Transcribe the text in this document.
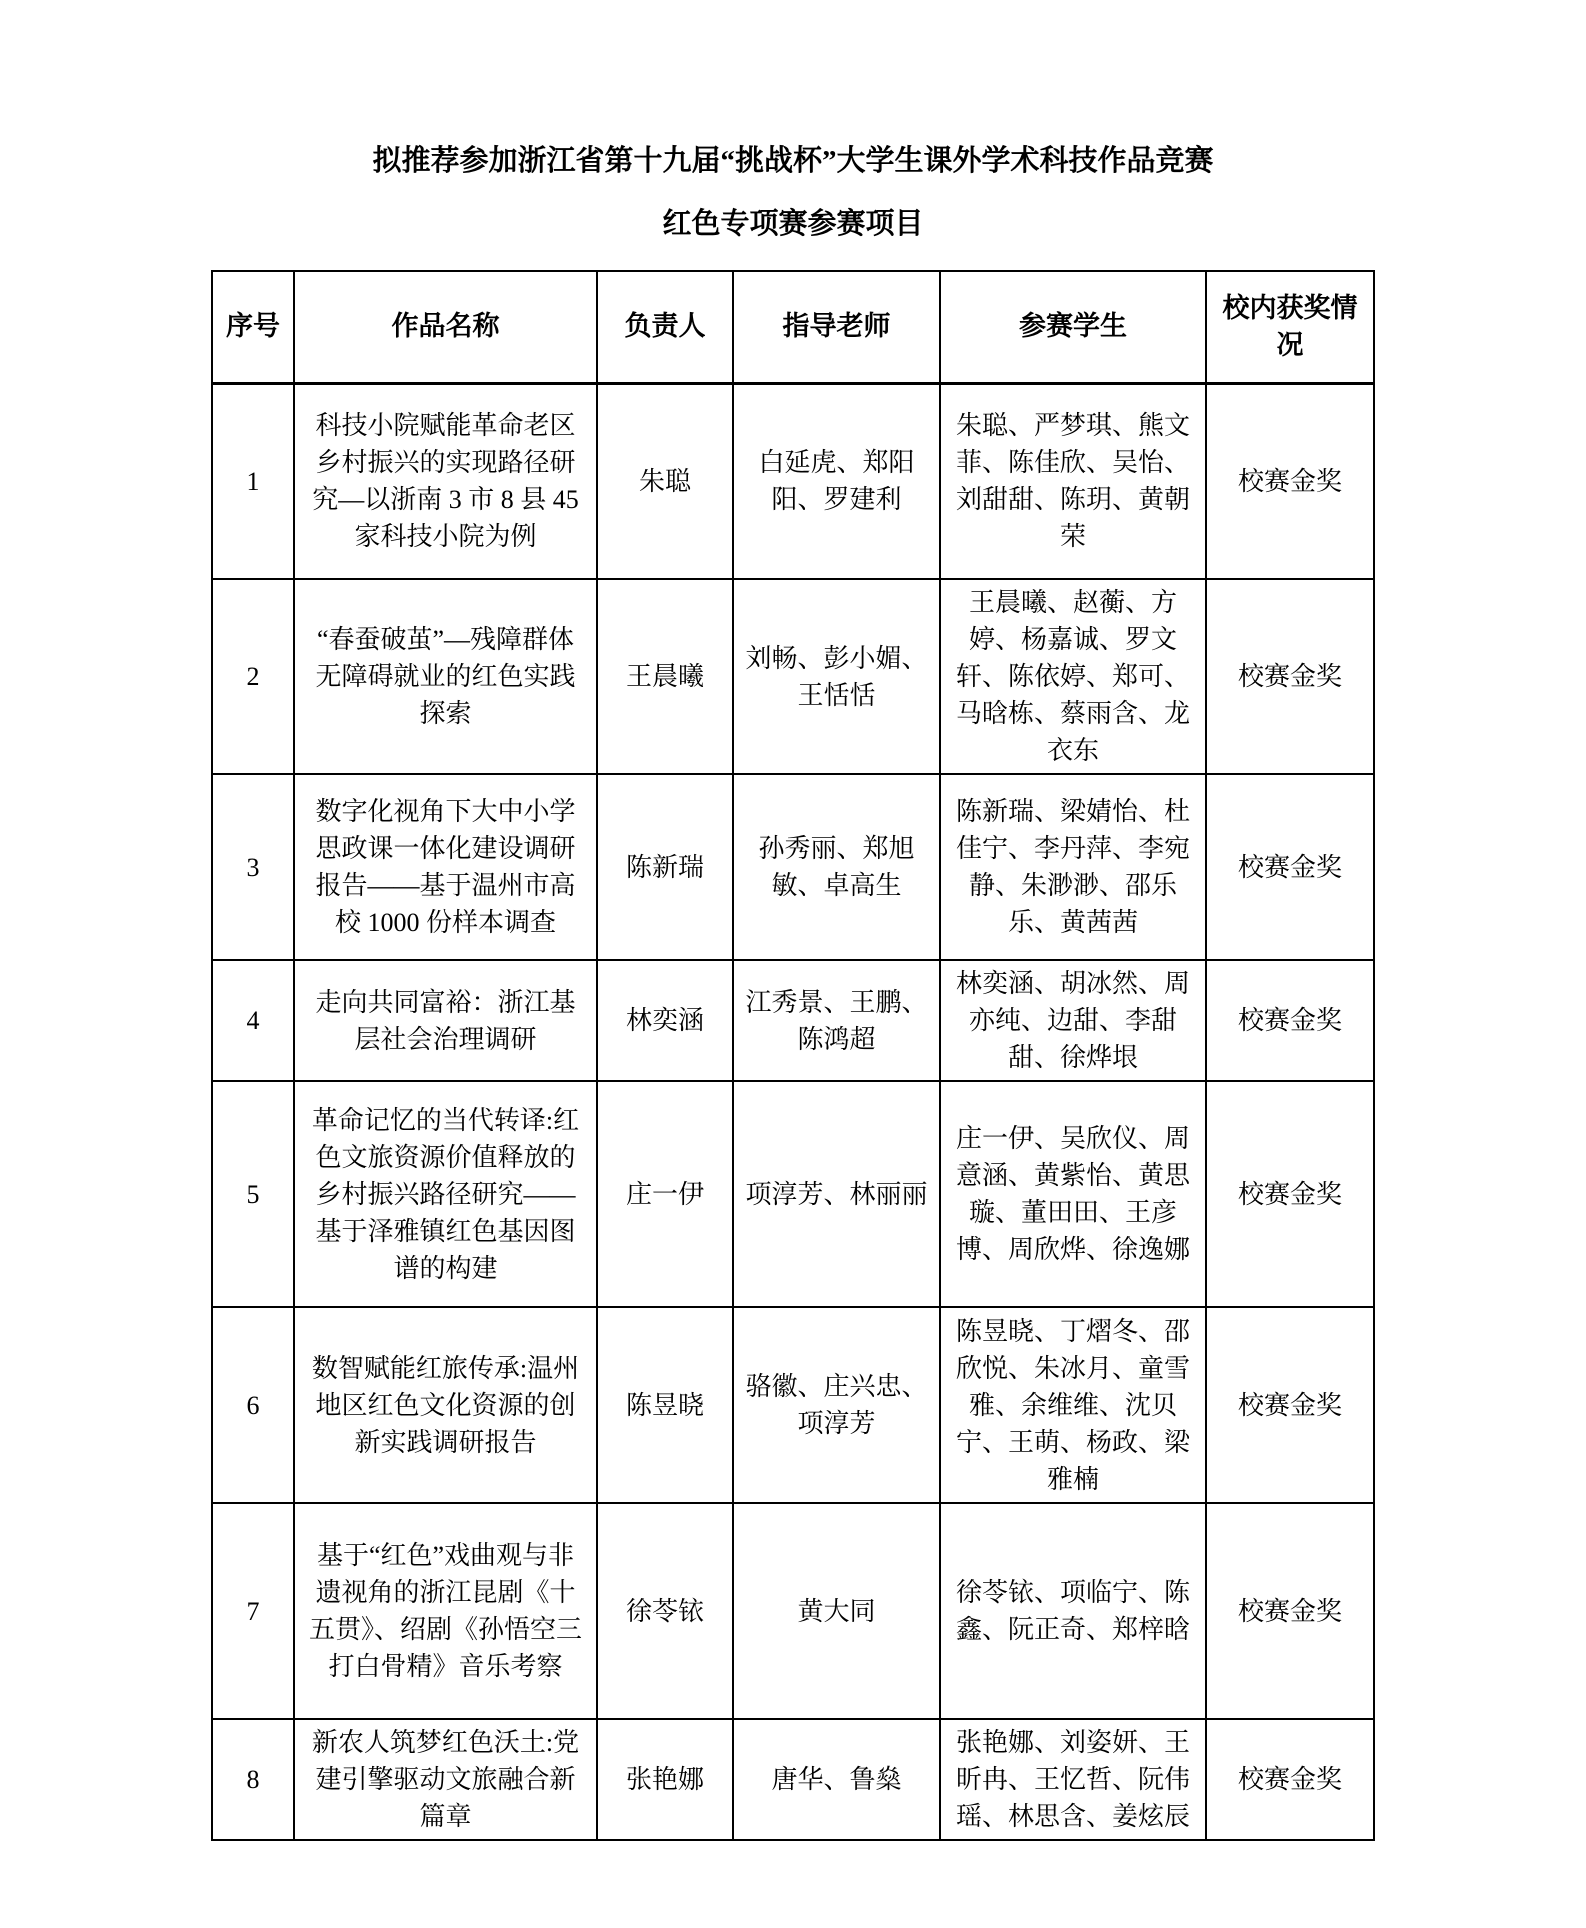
拟推荐参加浙江省第十九届“挑战杯”大学生课外学术科技作品竞赛
红色专项赛参赛项目
序号	作品名称	负责人	指导老师	参赛学生	校内获奖情况
1	科技小院赋能革命老区乡村振兴的实现路径研究—以浙南 3 市 8 县 45 家科技小院为例	朱聪	白延虎、郑阳阳、罗建利	朱聪、严梦琪、熊文菲、陈佳欣、吴怡、刘甜甜、陈玥、黄朝荣	校赛金奖
2	“春蚕破茧”—残障群体无障碍就业的红色实践探索	王晨曦	刘畅、彭小媚、王恬恬	王晨曦、赵蘅、方婷、杨嘉诚、罗文轩、陈依婷、郑可、马晗栋、蔡雨含、龙衣东	校赛金奖
3	数字化视角下大中小学思政课一体化建设调研报告——基于温州市高校 1000 份样本调查	陈新瑞	孙秀丽、郑旭敏、卓高生	陈新瑞、梁婧怡、杜佳宁、李丹萍、李宛静、朱渺渺、邵乐乐、黄茜茜	校赛金奖
4	走向共同富裕：浙江基层社会治理调研	林奕涵	江秀景、王鹏、陈鸿超	林奕涵、胡冰然、周亦纯、边甜、李甜甜、徐烨垠	校赛金奖
5	革命记忆的当代转译:红色文旅资源价值释放的乡村振兴路径研究——基于泽雅镇红色基因图谱的构建	庄一伊	项淳芳、林丽丽	庄一伊、吴欣仪、周意涵、黄紫怡、黄思璇、董田田、王彦博、周欣烨、徐逸娜	校赛金奖
6	数智赋能红旅传承:温州地区红色文化资源的创新实践调研报告	陈昱晓	骆徽、庄兴忠、项淳芳	陈昱晓、丁熠冬、邵欣悦、朱冰月、童雪雅、余维维、沈贝宁、王萌、杨政、梁雅楠	校赛金奖
7	基于“红色”戏曲观与非遗视角的浙江昆剧《十五贯》、绍剧《孙悟空三打白骨精》音乐考察	徐苓铱	黄大同	徐苓铱、项临宁、陈鑫、阮正奇、郑梓晗	校赛金奖
8	新农人筑梦红色沃土:党建引擎驱动文旅融合新篇章	张艳娜	唐华、鲁燊	张艳娜、刘姿妍、王昕冉、王忆哲、阮伟瑶、林思含、姜炫辰	校赛金奖
